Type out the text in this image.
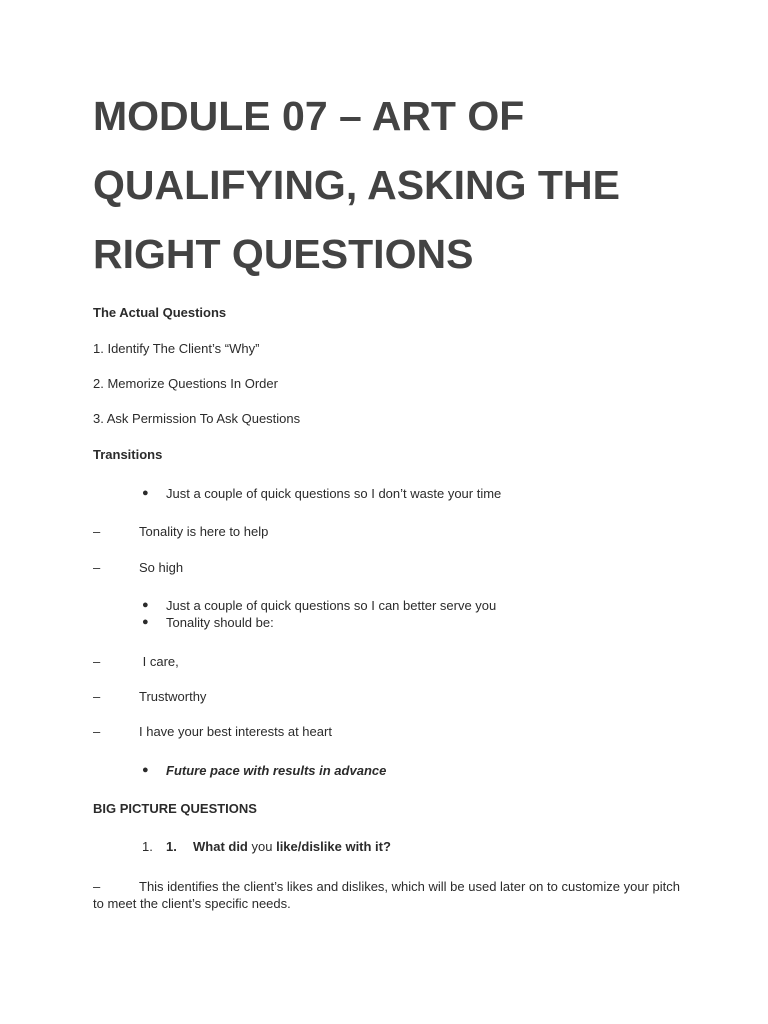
MODULE 07 – ART OF
QUALIFYING, ASKING THE
RIGHT QUESTIONS
The Actual Questions
1. Identify The Client’s “Why”
2. Memorize Questions In Order
3. Ask Permission To Ask Questions
Transitions
● Just a couple of quick questions so I don’t waste your time
–	Tonality is here to help
–	So high
● Just a couple of quick questions so I can better serve you
● Tonality should be:
–	I care,
–	Trustworthy
–	I have your best interests at heart
● Future pace with results in advance
BIG PICTURE QUESTIONS
1. 1. What did you like/dislike with it?
–	This identifies the client’s likes and dislikes, which will be used later on to customize your pitch to meet the client’s specific needs.
